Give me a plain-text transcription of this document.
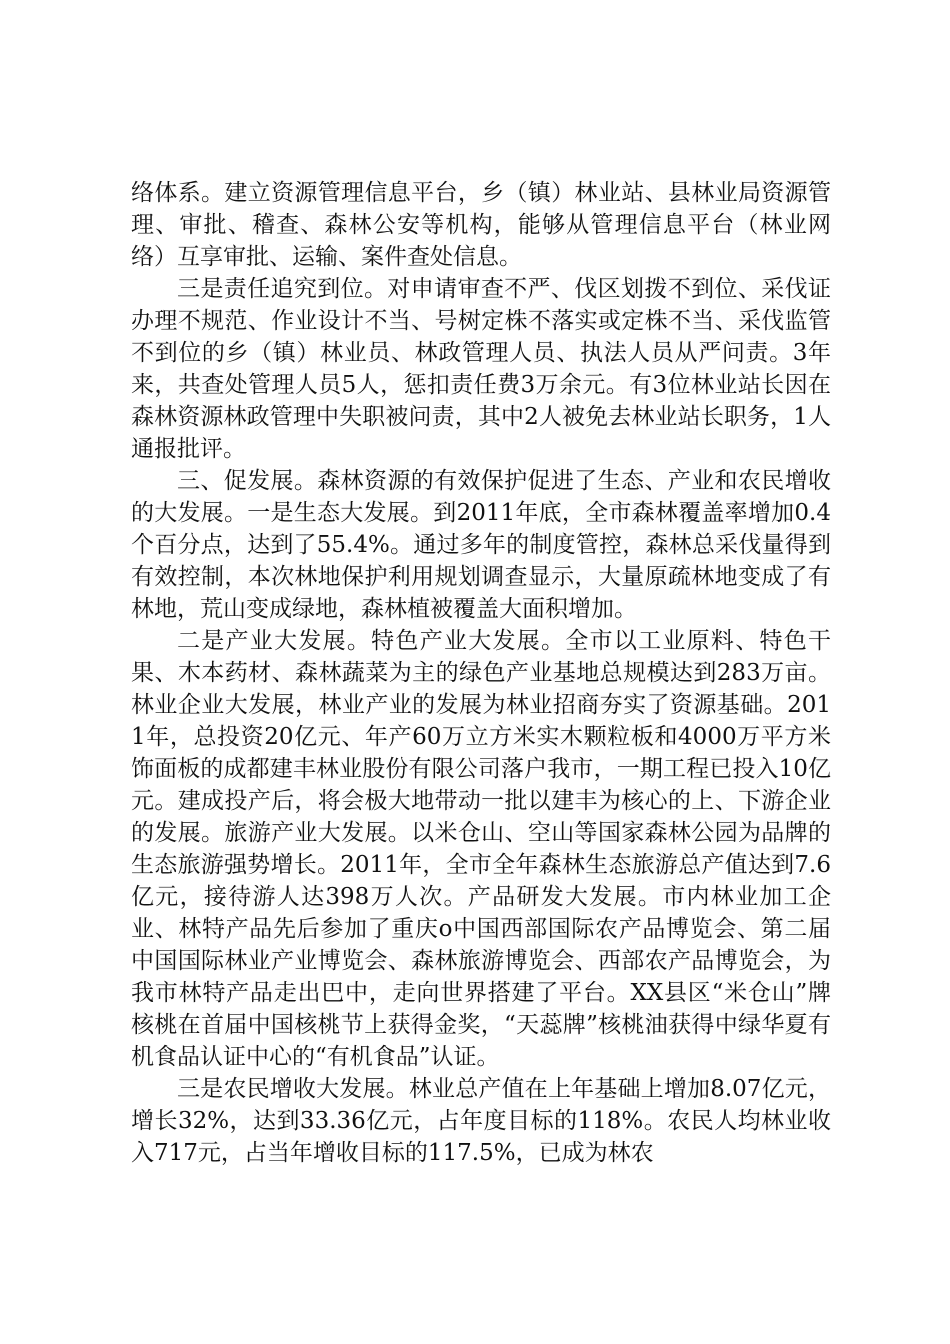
络体系。建立资源管理信息平台，乡（镇）林业站、县林业局资源管理、审批、稽查、森林公安等机构，能够从管理信息平台（林业网络）互享审批、运输、案件查处信息。

三是责任追究到位。对申请审查不严、伐区划拨不到位、采伐证办理不规范、作业设计不当、号树定株不落实或定株不当、采伐监管不到位的乡（镇）林业员、林政管理人员、执法人员从严问责。3年来，共查处管理人员5人，惩扣责任费3万余元。有3位林业站长因在森林资源林政管理中失职被问责，其中2人被免去林业站长职务，1人通报批评。

三、促发展。森林资源的有效保护促进了生态、产业和农民增收的大发展。一是生态大发展。到2011年底，全市森林覆盖率增加0.4个百分点，达到了55.4%。通过多年的制度管控，森林总采伐量得到有效控制，本次林地保护利用规划调查显示，大量原疏林地变成了有林地，荒山变成绿地，森林植被覆盖大面积增加。

二是产业大发展。特色产业大发展。全市以工业原料、特色干果、木本药材、森林蔬菜为主的绿色产业基地总规模达到283万亩。林业企业大发展，林业产业的发展为林业招商夯实了资源基础。2011年，总投资20亿元、年产60万立方米实木颗粒板和4000万平方米饰面板的成都建丰林业股份有限公司落户我市，一期工程已投入10亿元。建成投产后，将会极大地带动一批以建丰为核心的上、下游企业的发展。旅游产业大发展。以米仓山、空山等国家森林公园为品牌的生态旅游强势增长。2011年，全市全年森林生态旅游总产值达到7.6亿元，接待游人达398万人次。产品研发大发展。市内林业加工企业、林特产品先后参加了重庆o中国西部国际农产品博览会、第二届中国国际林业产业博览会、森林旅游博览会、西部农产品博览会，为我市林特产品走出巴中，走向世界搭建了平台。XX县区“米仓山”牌核桃在首届中国核桃节上获得金奖，“天蕊牌”核桃油获得中绿华夏有机食品认证中心的“有机食品”认证。

三是农民增收大发展。林业总产值在上年基础上增加8.07亿元，增长32%，达到33.36亿元，占年度目标的118%。农民人均林业收入717元，占当年增收目标的117.5%，已成为林农
